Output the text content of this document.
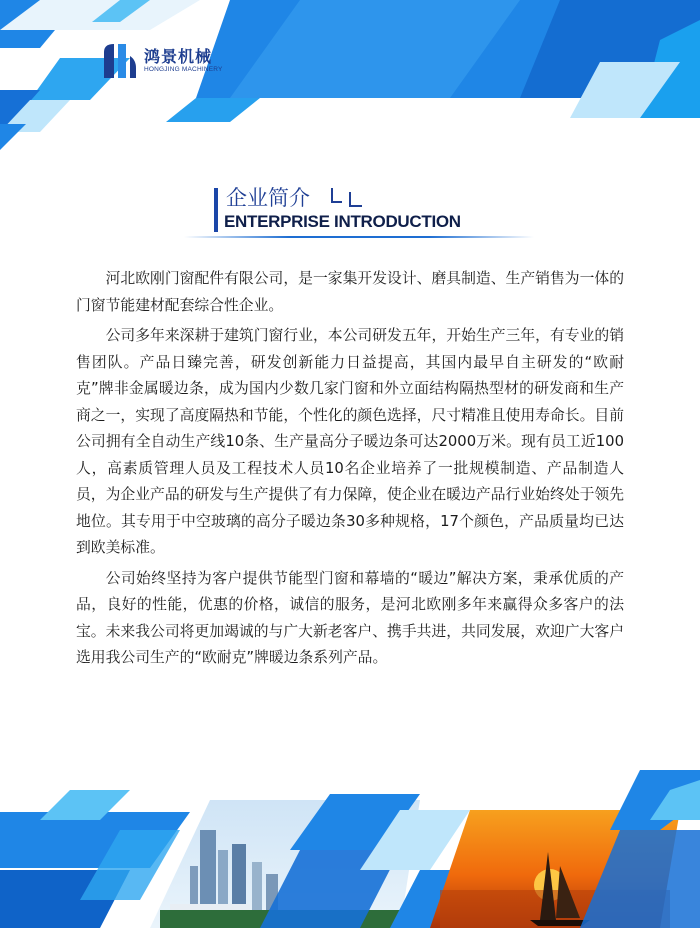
鸿景机械
HONGJING MACHINERY
企业简介
ENTERPRISE INTRODUCTION

河北欧刚门窗配件有限公司，是一家集开发设计、磨具制造、生产销售为一体的门窗节能建材配套综合性企业。

公司多年来深耕于建筑门窗行业，本公司研发五年，开始生产三年，有专业的销售团队。产品日臻完善，研发创新能力日益提高，其国内最早自主研发的“欧耐克”牌非金属暖边条，成为国内少数几家门窗和外立面结构隔热型材的研发商和生产商之一，实现了高度隔热和节能，个性化的颜色选择，尺寸精准且使用寿命长。目前公司拥有全自动生产线10条、生产量高分子暖边条可达2000万米。现有员工近100人，高素质管理人员及工程技术人员10名企业培养了一批规模制造、产品制造人员，为企业产品的研发与生产提供了有力保障，使企业在暖边产品行业始终处于领先地位。其专用于中空玻璃的高分子暖边条30多种规格，17个颜色，产品质量均已达到欧美标准。

公司始终坚持为客户提供节能型门窗和幕墙的“暖边”解决方案，秉承优质的产品，良好的性能，优惠的价格，诚信的服务，是河北欧刚多年来赢得众多客户的法宝。未来我公司将更加竭诚的与广大新老客户、携手共进，共同发展，欢迎广大客户选用我公司生产的“欧耐克”牌暖边条系列产品。
